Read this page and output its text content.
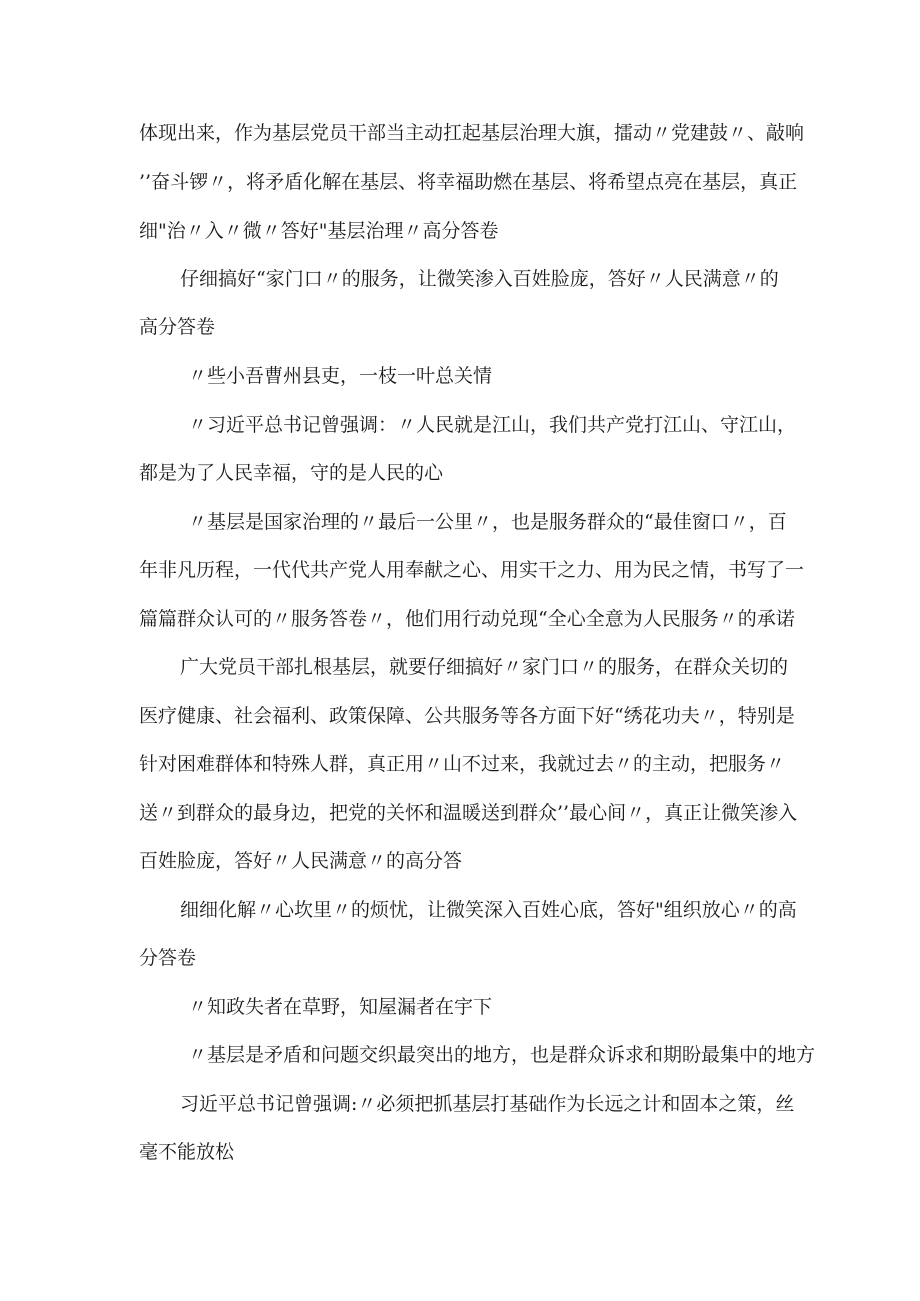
体现出来，作为基层党员干部当主动扛起基层治理大旗，擂动〃党建鼓〃、敲响
’’奋斗锣〃，将矛盾化解在基层、将幸福助燃在基层、将希望点亮在基层，真正
细"治〃入〃微〃答好"基层治理〃高分答卷
仔细搞好“家门口〃的服务，让微笑渗入百姓脸庞，答好〃人民满意〃的
高分答卷
〃些小吾曹州县吏，一枝一叶总关情
〃习近平总书记曾强调：〃人民就是江山，我们共产党打江山、守江山，
都是为了人民幸福，守的是人民的心
〃基层是国家治理的〃最后一公里〃，也是服务群众的“最佳窗口〃，百
年非凡历程，一代代共产党人用奉献之心、用实干之力、用为民之情，书写了一
篇篇群众认可的〃服务答卷〃，他们用行动兑现“全心全意为人民服务〃的承诺
广大党员干部扎根基层，就要仔细搞好〃家门口〃的服务，在群众关切的
医疗健康、社会福利、政策保障、公共服务等各方面下好“绣花功夫〃，特别是
针对困难群体和特殊人群，真正用〃山不过来，我就过去〃的主动，把服务〃
送〃到群众的最身边，把党的关怀和温暖送到群众’’最心间〃，真正让微笑渗入
百姓脸庞，答好〃人民满意〃的高分答
细细化解〃心坎里〃的烦忧，让微笑深入百姓心底，答好"组织放心〃的高
分答卷
〃知政失者在草野，知屋漏者在宇下
〃基层是矛盾和问题交织最突出的地方，也是群众诉求和期盼最集中的地方
习近平总书记曾强调:〃必须把抓基层打基础作为长远之计和固本之策，丝
毫不能放松
